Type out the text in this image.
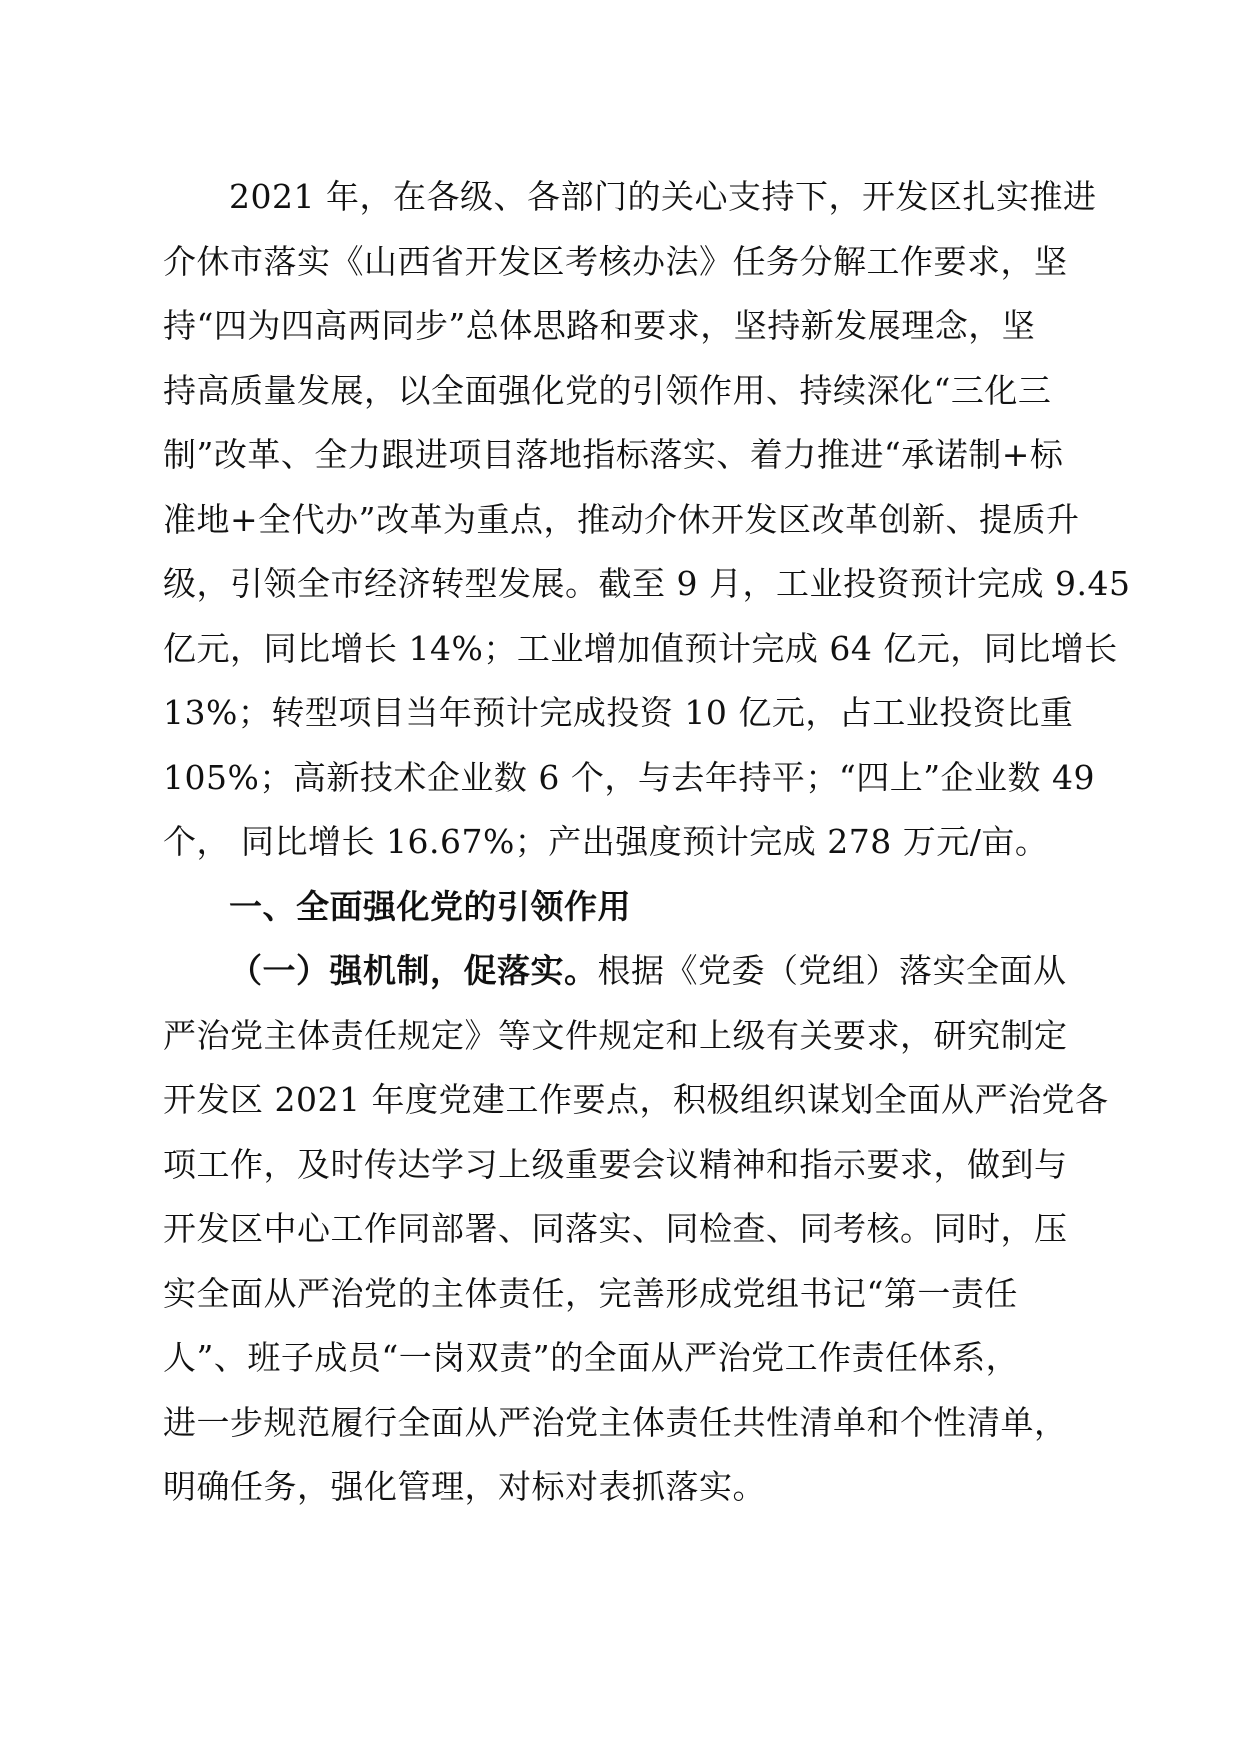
2021 年，在各级、各部门的关心支持下，开发区扎实推进
介休市落实《山西省开发区考核办法》任务分解工作要求，坚
持“四为四高两同步”总体思路和要求，坚持新发展理念，坚
持高质量发展，以全面强化党的引领作用、持续深化“三化三
制”改革、全力跟进项目落地指标落实、着力推进“承诺制+标
准地+全代办”改革为重点，推动介休开发区改革创新、提质升
级，引领全市经济转型发展。截至 9 月，工业投资预计完成 9.45
亿元，同比增长 14%；工业增加值预计完成 64 亿元，同比增长
13%；转型项目当年预计完成投资 10 亿元，占工业投资比重
105%；高新技术企业数 6 个，与去年持平；“四上”企业数 49
个， 同比增长 16.67%；产出强度预计完成 278 万元/亩。
一、全面强化党的引领作用
（一）强机制，促落实。根据《党委（党组）落实全面从
严治党主体责任规定》等文件规定和上级有关要求，研究制定
开发区 2021 年度党建工作要点，积极组织谋划全面从严治党各
项工作，及时传达学习上级重要会议精神和指示要求，做到与
开发区中心工作同部署、同落实、同检查、同考核。同时，压
实全面从严治党的主体责任，完善形成党组书记“第一责任
人”、班子成员“一岗双责”的全面从严治党工作责任体系，
进一步规范履行全面从严治党主体责任共性清单和个性清单，
明确任务，强化管理，对标对表抓落实。
